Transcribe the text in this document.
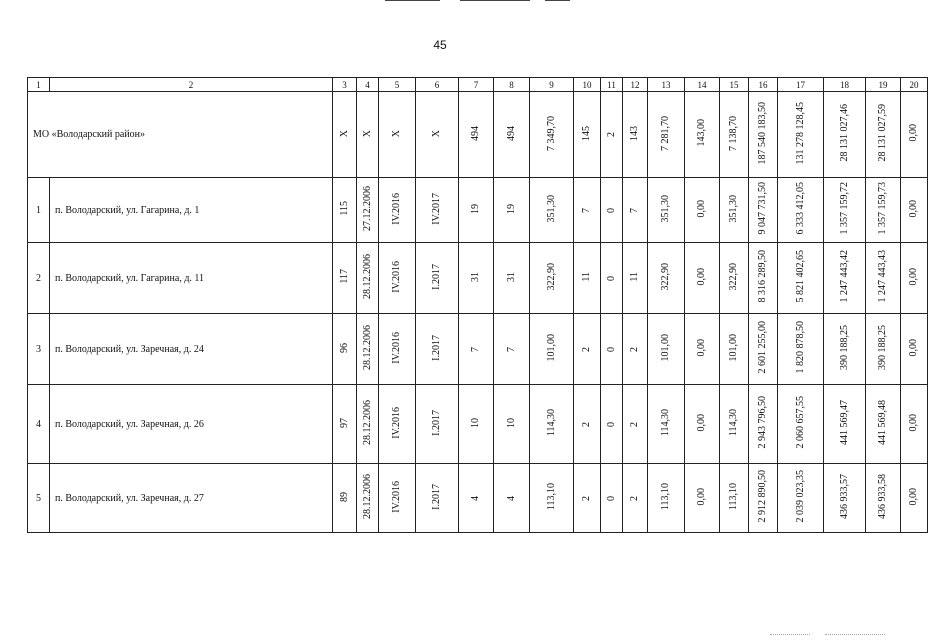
45
1	2	3	4	5	6	7	8	9	10	11	12	13	14	15	16	17	18	19	20
МО «Володарский район»		X	X	X	X	494	494	7 349,70	145	2	143	7 281,70	143,00	7 138,70	187 540 183,50	131 278 128,45	28 131 027,46	28 131 027,59	0,00
1	п. Володарский, ул. Гагарина, д. 1	115	27.12.2006	IV.2016	IV.2017	19	19	351,30	7	0	7	351,30	0,00	351,30	9 047 731,50	6 333 412,05	1 357 159,72	1 357 159,73	0,00
2	п. Володарский, ул. Гагарина, д. 11	117	28.12.2006	IV.2016	I.2017	31	31	322,90	11	0	11	322,90	0,00	322,90	8 316 289,50	5 821 402,65	1 247 443,42	1 247 443,43	0,00
3	п. Володарский, ул. Заречная, д. 24	96	28.12.2006	IV.2016	I.2017	7	7	101,00	2	0	2	101,00	0,00	101,00	2 601 255,00	1 820 878,50	390 188,25	390 188,25	0,00
4	п. Володарский, ул. Заречная, д. 26	97	28.12.2006	IV.2016	I.2017	10	10	114,30	2	0	2	114,30	0,00	114,30	2 943 796,50	2 060 657,55	441 569,47	441 569,48	0,00
5	п. Володарский, ул. Заречная, д. 27	89	28.12.2006	IV.2016	I.2017	4	4	113,10	2	0	2	113,10	0,00	113,10	2 912 890,50	2 039 023,35	436 933,57	436 933,58	0,00
